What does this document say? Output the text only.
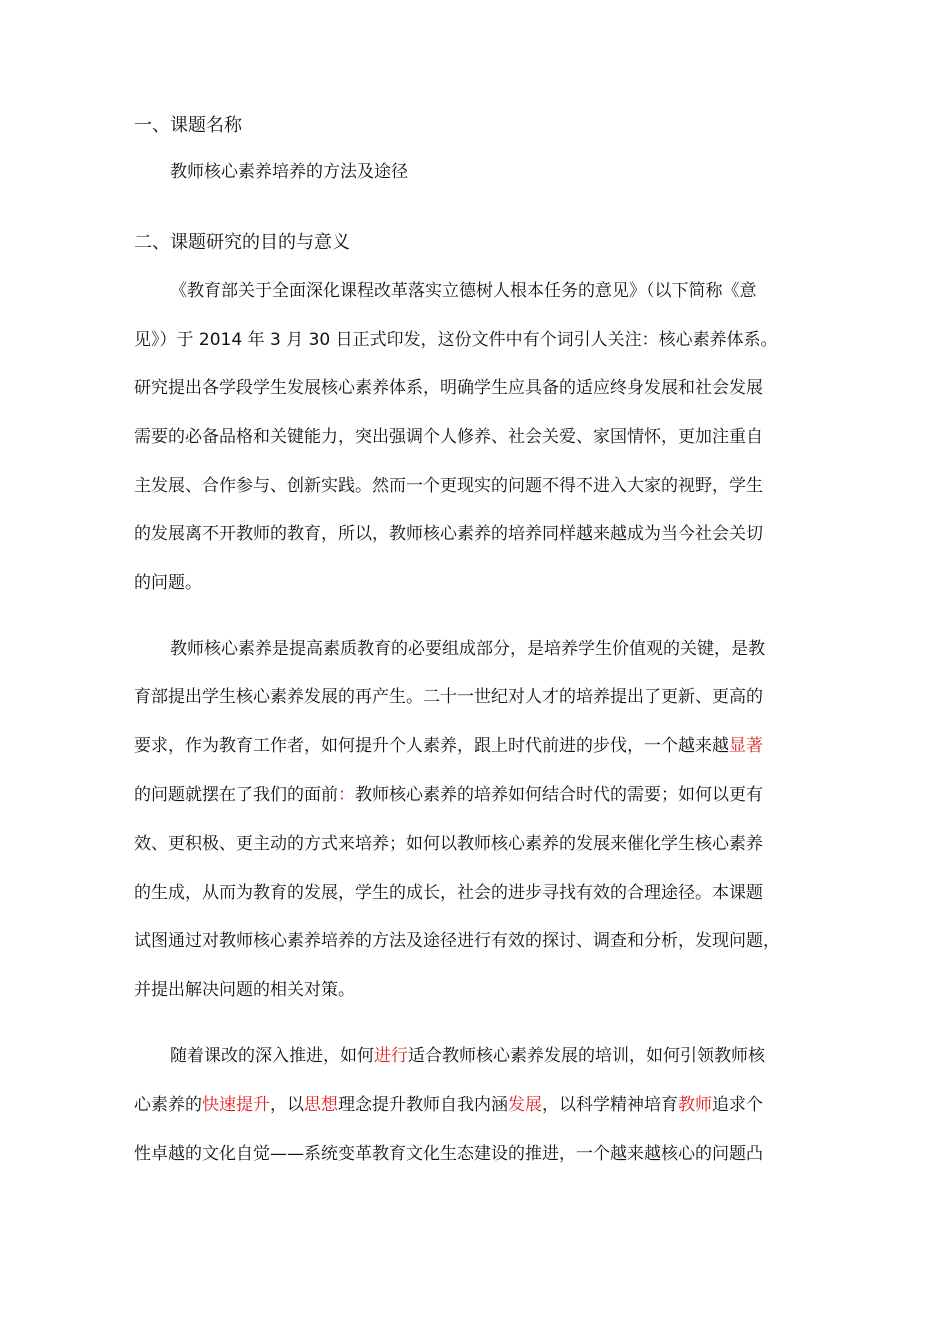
一、课题名称
教师核心素养培养的方法及途径
二、课题研究的目的与意义
《教育部关于全面深化课程改革落实立德树人根本任务的意见》（以下简称《意
见》）于 2014 年 3 月 30 日正式印发，这份文件中有个词引人关注：核心素养体系。
研究提出各学段学生发展核心素养体系，明确学生应具备的适应终身发展和社会发展
需要的必备品格和关键能力，突出强调个人修养、社会关爱、家国情怀，更加注重自
主发展、合作参与、创新实践。然而一个更现实的问题不得不进入大家的视野，学生
的发展离不开教师的教育，所以，教师核心素养的培养同样越来越成为当今社会关切
的问题。
教师核心素养是提高素质教育的必要组成部分，是培养学生价值观的关键，是教
育部提出学生核心素养发展的再产生。二十一世纪对人才的培养提出了更新、更高的
要求，作为教育工作者，如何提升个人素养，跟上时代前进的步伐，一个越来越显著
的问题就摆在了我们的面前：教师核心素养的培养如何结合时代的需要；如何以更有
效、更积极、更主动的方式来培养；如何以教师核心素养的发展来催化学生核心素养
的生成，从而为教育的发展，学生的成长，社会的进步寻找有效的合理途径。本课题
试图通过对教师核心素养培养的方法及途径进行有效的探讨、调查和分析，发现问题，
并提出解决问题的相关对策。
随着课改的深入推进，如何进行适合教师核心素养发展的培训，如何引领教师核
心素养的快速提升，以思想理念提升教师自我内涵发展，以科学精神培育教师追求个
性卓越的文化自觉——系统变革教育文化生态建设的推进，一个越来越核心的问题凸
